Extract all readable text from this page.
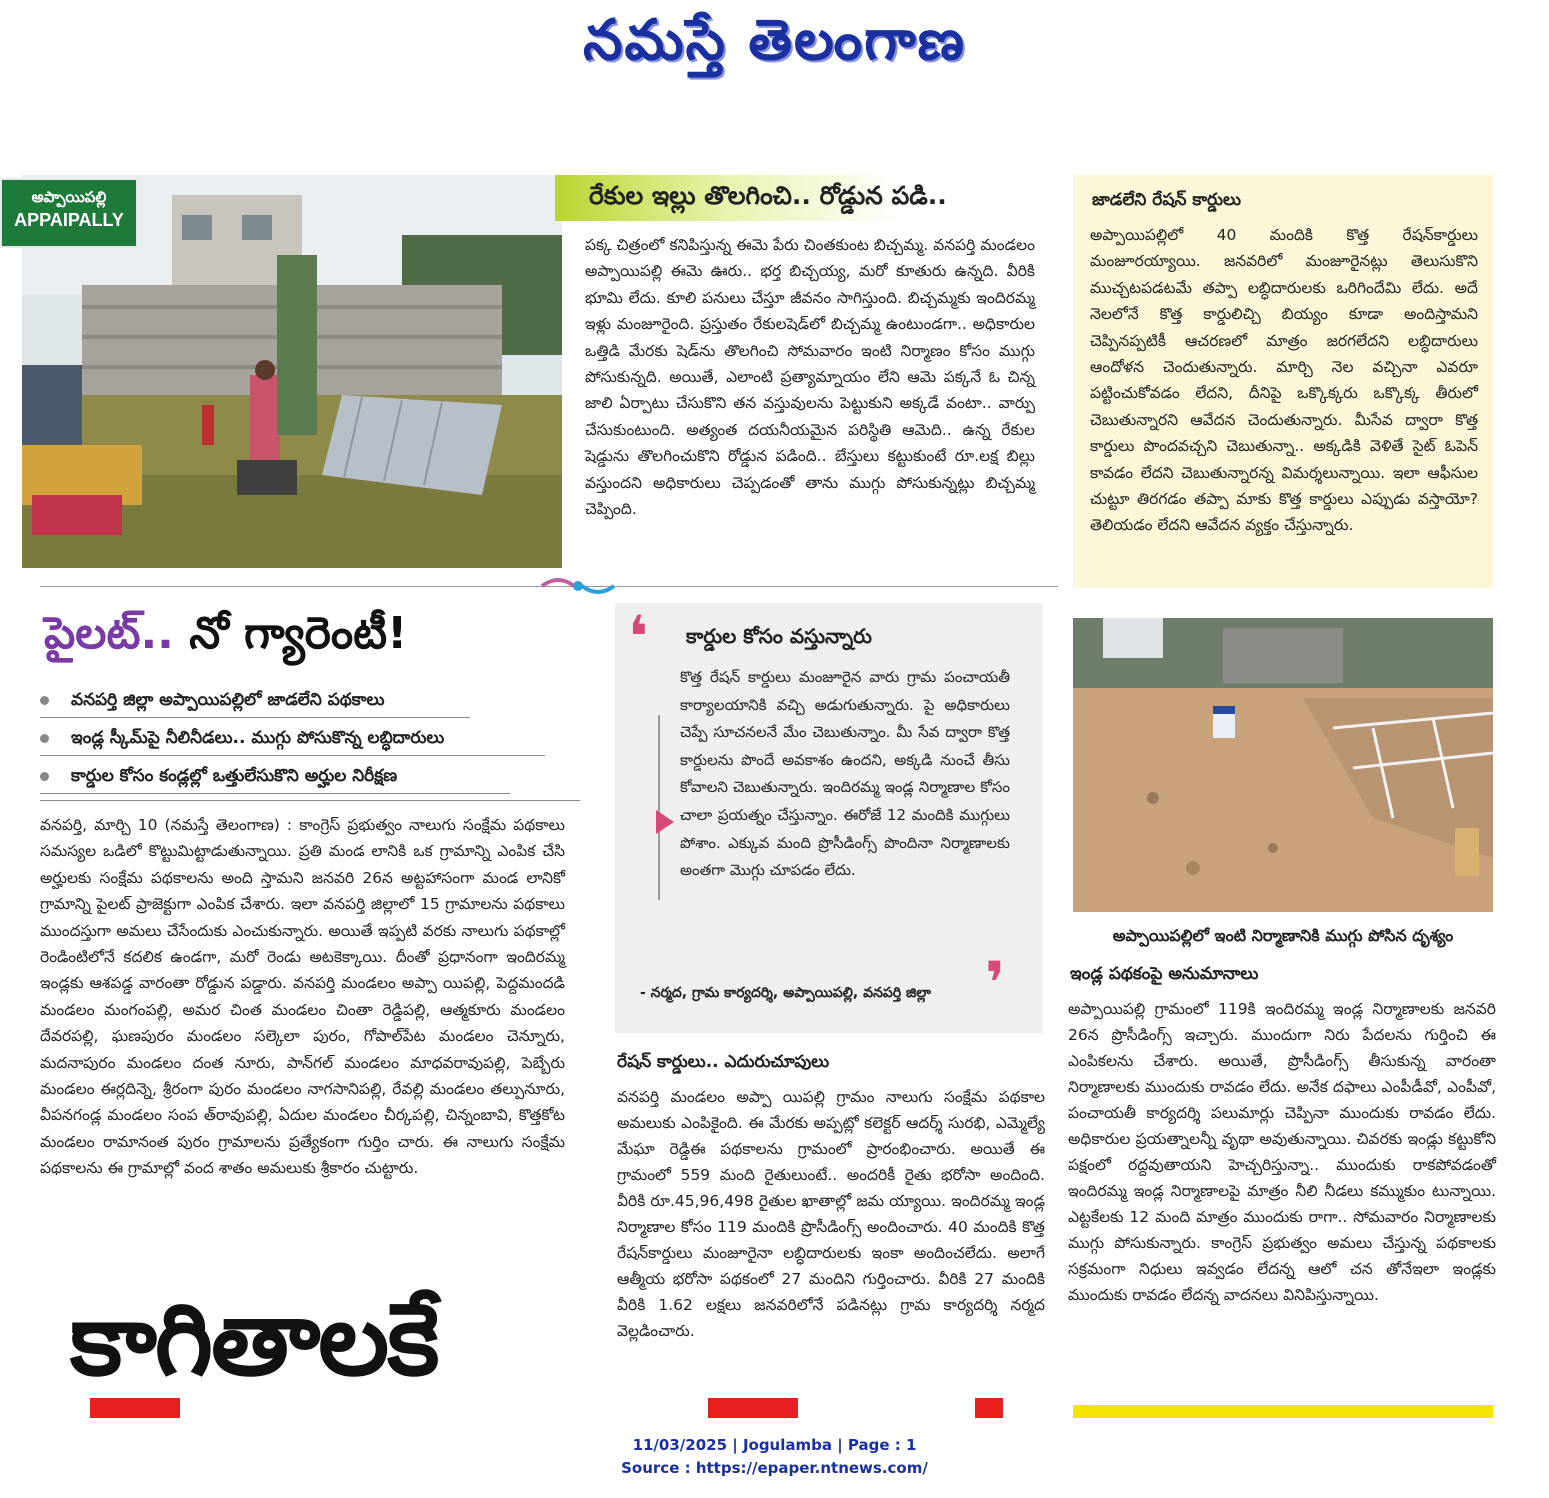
నమస్తే తెలంగాణ
అప్పాయిపల్లి
APPAIPALLY
రేకుల ఇల్లు తొలగించి.. రోడ్డున పడి..
పక్క చిత్రంలో కనిపిస్తున్న ఈమె పేరు చింతకుంట బిచ్చమ్మ. వనపర్తి మండలం అప్పాయిపల్లి ఈమె ఊరు.. భర్త బిచ్చయ్య, మరో కూతురు ఉన్నది. వీరికి భూమి లేదు. కూలి పనులు చేస్తూ జీవనం సాగిస్తుంది. బిచ్చమ్మకు ఇందిరమ్మ ఇళ్లు మంజూరైంది. ప్రస్తుతం రేకులషెడ్‌లో బిచ్చమ్మ ఉంటుండగా.. అధికారుల ఒత్తిడి మేరకు షెడ్‌ను తొలగించి సోమవారం ఇంటి నిర్మాణం కోసం ముగ్గు పోసుకున్నది. అయితే, ఎలాంటి ప్రత్యామ్నాయం లేని ఆమె పక్కనే ఓ చిన్న జాలి ఏర్పాటు చేసుకొని తన వస్తువులను పెట్టుకుని అక్కడే వంటా.. వార్పు చేసుకుంటుంది. అత్యంత దయనీయమైన పరిస్థితి ఆమెది.. ఉన్న రేకుల షెడ్డును తొలగించుకొని రోడ్డున పడింది.. బేస్తులు కట్టుకుంటే రూ.లక్ష బిల్లు వస్తుందని అధికారులు చెప్పడంతో తాను ముగ్గు పోసుకున్నట్లు బిచ్చమ్మ చెప్పింది.
జాడలేని రేషన్ కార్డులు
అప్పాయిపల్లిలో 40 మందికి కొత్త రేషన్‌కార్డులు మంజూరయ్యాయి. జనవరిలో మంజూరైనట్లు తెలుసుకొని ముచ్చటపడటమే తప్పా లబ్ధిదారులకు ఒరిగిందేమి లేదు. అదే నెలలోనే కొత్త కార్డులిచ్చి బియ్యం కూడా అందిస్తామని చెప్పినప్పటికీ ఆచరణలో మాత్రం జరగలేదని లబ్ధిదారులు ఆందోళన చెందుతున్నారు. మార్చి నెల వచ్చినా ఎవరూ పట్టించుకోవడం లేదని, దీనిపై ఒక్కొక్కరు ఒక్కొక్క తీరులో చెబుతున్నారని ఆవేదన చెందుతున్నారు. మీసేవ ద్వారా కొత్త కార్డులు పొందవచ్చని చెబుతున్నా.. అక్కడికి వెళితే సైట్ ఓపెన్ కావడం లేదని చెబుతున్నారన్న విమర్శలున్నాయి. ఇలా ఆఫీసుల చుట్టూ తిరగడం తప్పా మాకు కొత్త కార్డులు ఎప్పుడు వస్తాయో? తెలియడం లేదని ఆవేదన వ్యక్తం చేస్తున్నారు.
పైలట్.. నో గ్యారెంటీ!
వనపర్తి జిల్లా అప్పాయిపల్లిలో జాడలేని పథకాలు
ఇండ్ల స్కీమ్‌పై నీలినీడలు.. ముగ్గు పోసుకొన్న లబ్ధిదారులు
కార్డుల కోసం కండ్లల్లో ఒత్తులేసుకొని అర్హుల నిరీక్షణ
వనపర్తి, మార్చి 10 (నమస్తే తెలంగాణ) : కాంగ్రెస్ ప్రభుత్వం నాలుగు సంక్షేమ పథకాలు సమస్యల ఒడిలో కొట్టుమిట్టాడుతున్నాయి. ప్రతి మండ లానికి ఒక గ్రామాన్ని ఎంపిక చేసి అర్హులకు సంక్షేమ పథకాలను అంది స్తామని జనవరి 26న అట్టహాసంగా మండ లానికో గ్రామాన్ని పైలట్ ప్రాజెక్టుగా ఎంపిక చేశారు. ఇలా వనపర్తి జిల్లాలో 15 గ్రామాలను పథకాలు ముందస్తుగా అమలు చేసేందుకు ఎంచుకున్నారు. అయితే ఇప్పటి వరకు నాలుగు పథకాల్లో రెండింటిలోనే కదలిక ఉండగా, మరో రెండు అటకెక్కాయి. దీంతో ప్రధానంగా ఇందిరమ్మ ఇండ్లకు ఆశపడ్డ వారంతా రోడ్డున పడ్డారు. వనపర్తి మండలం అప్పా యిపల్లి, పెద్దమందడి మండలం మంగంపల్లి, అమర చింత మండలం చింతా రెడ్డిపల్లి, ఆత్మకూరు మండలం దేవరపల్లి, ఘణపురం మండలం సల్కెలా పురం, గోపాల్‌పేట మండలం చెన్నూరు, మదనాపురం మండలం దంత నూరు, పాన్‌గల్ మండలం మాధవరావుపల్లి, పెబ్బేరు మండలం ఈర్లదిన్నె, శ్రీరంగా పురం మండలం నాగసానిపల్లి, రేవల్లి మండలం తల్పునూరు, వీపనగండ్ల మండలం సంప త్‌రావుపల్లి, ఏదుల మండలం చీర్కపల్లి, చిన్నంబావి, కొత్తకోట మండలం రామానంత పురం గ్రామాలను ప్రత్యేకంగా గుర్తిం చారు. ఈ నాలుగు సంక్షేమ పథకాలను ఈ గ్రామాల్లో వంద శాతం అమలుకు శ్రీకారం చుట్టారు.
కాగితాలకే
❛	కార్డుల కోసం వస్తున్నారు
కొత్త రేషన్ కార్డులు మంజూరైన వారు గ్రామ పంచాయతీ కార్యాలయానికి వచ్చి అడుగుతున్నారు. పై అధికారులు చెప్పే సూచనలనే మేం చెబుతున్నాం. మీ సేవ ద్వారా కొత్త కార్డులను పొందే అవకాశం ఉందని, అక్కడి నుంచే తీసు కోవాలని చెబుతున్నారు. ఇందిరమ్మ ఇండ్ల నిర్మాణాల కోసం చాలా ప్రయత్నం చేస్తున్నాం. ఈరోజే 12 మందికి ముగ్గులు పోశాం. ఎక్కువ మంది ప్రొసీడింగ్స్ పొందినా నిర్మాణాలకు అంతగా మొగ్గు చూపడం లేదు.
❜
- నర్మద, గ్రామ కార్యదర్శి, అప్పాయిపల్లి, వనపర్తి జిల్లా
రేషన్ కార్డులు.. ఎదురుచూపులు
వనపర్తి మండలం అప్పా యిపల్లి గ్రామం నాలుగు సంక్షేమ పథకాల అమలుకు ఎంపికైంది. ఈ మేరకు అప్పట్లో కలెక్టర్ ఆదర్శ్ సురభి, ఎమ్మెల్యే మేఘా రెడ్డిఈ పథకాలను గ్రామంలో ప్రారంభించారు. అయితే ఈ గ్రామంలో 559 మంది రైతులుంటే.. అందరికీ రైతు భరోసా అందింది. వీరికి రూ.45,96,498 రైతుల ఖాతాల్లో జమ య్యాయి. ఇందిరమ్మ ఇండ్ల నిర్మాణాల కోసం 119 మందికి ప్రొసీడింగ్స్ అందించారు. 40 మందికి కొత్త రేషన్‌కార్డులు మంజూరైనా లబ్ధిదారులకు ఇంకా అందించలేదు. అలాగే ఆత్మీయ భరోసా పథకంలో 27 మందిని గుర్తించారు. వీరికి 27 మందికి వీరికి 1.62 లక్షలు జనవరిలోనే పడినట్లు గ్రామ కార్యదర్శి నర్మద వెల్లడించారు.
అప్పాయిపల్లిలో ఇంటి నిర్మాణానికి ముగ్గు పోసిన దృశ్యం
ఇండ్ల పథకంపై అనుమానాలు
అప్పాయిపల్లి గ్రామంలో 119కి ఇందిరమ్మ ఇండ్ల నిర్మాణాలకు జనవరి 26న ప్రొసీడింగ్స్ ఇచ్చారు. ముందుగా నిరు పేదలను గుర్తించి ఈ ఎంపికలను చేశారు. అయితే, ప్రొసీడింగ్స్ తీసుకున్న వారంతా నిర్మాణాలకు ముందుకు రావడం లేదు. అనేక దఫాలు ఎంపీడీవో, ఎంపీవో, పంచాయతీ కార్యదర్శి పలుమార్లు చెప్పినా ముందుకు రావడం లేదు. అధికారుల ప్రయత్నాలన్నీ వృథా అవుతున్నాయి. చివరకు ఇండ్లు కట్టుకోని పక్షంలో రద్దవుతాయని హెచ్చరిస్తున్నా.. ముందుకు రాకపోవడంతో ఇందిరమ్మ ఇండ్ల నిర్మాణాలపై మాత్రం నీలి నీడలు కమ్ముకుం టున్నాయి. ఎట్టకేలకు 12 మంది మాత్రం ముందుకు రాగా.. సోమవారం నిర్మాణాలకు ముగ్గు పోసుకున్నారు. కాంగ్రెస్ ప్రభుత్వం అమలు చేస్తున్న పథకాలకు సక్రమంగా నిధులు ఇవ్వడం లేదన్న ఆలో చన తోనేఇలా ఇండ్లకు ముందుకు రావడం లేదన్న వాదనలు వినిపిస్తున్నాయి.
11/03/2025 | Jogulamba | Page : 1
Source : https://epaper.ntnews.com/
